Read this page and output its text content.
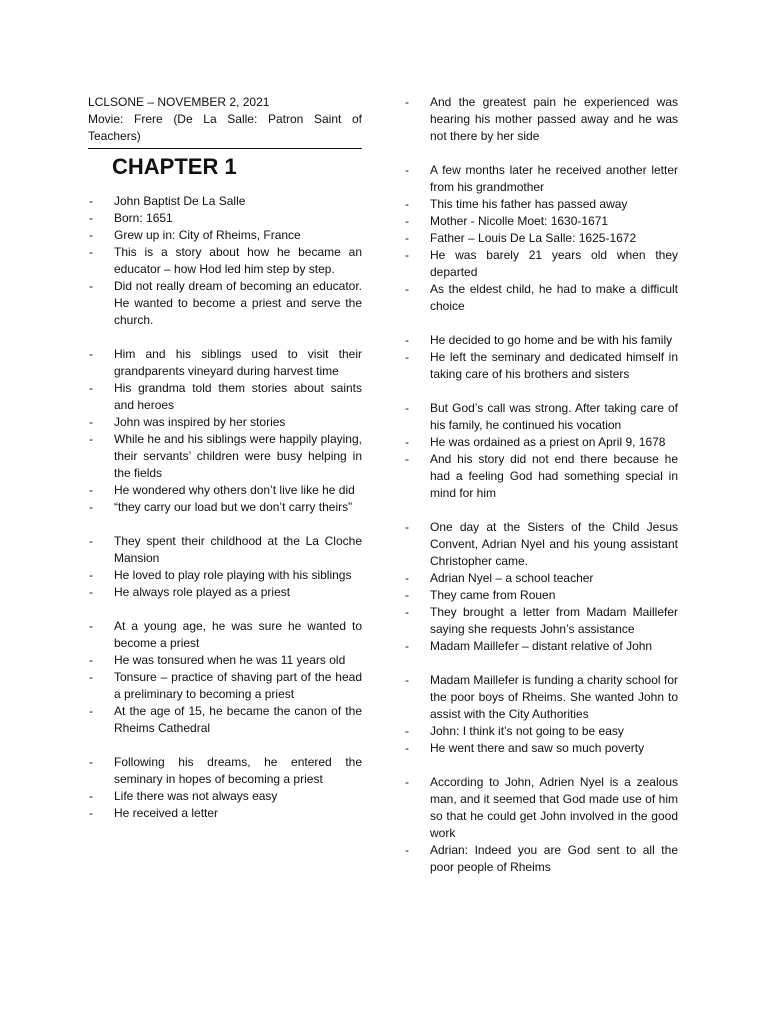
LCLSONE – NOVEMBER 2, 2021
Movie: Frere (De La Salle: Patron Saint of Teachers)
CHAPTER 1
- John Baptist De La Salle
- Born: 1651
- Grew up in: City of Rheims, France
- This is a story about how he became an educator – how Hod led him step by step.
- Did not really dream of becoming an educator. He wanted to become a priest and serve the church.
- Him and his siblings used to visit their grandparents vineyard during harvest time
- His grandma told them stories about saints and heroes
- John was inspired by her stories
- While he and his siblings were happily playing, their servants’ children were busy helping in the fields
- He wondered why others don’t live like he did
- “they carry our load but we don’t carry theirs”
- They spent their childhood at the La Cloche Mansion
- He loved to play role playing with his siblings
- He always role played as a priest
- At a young age, he was sure he wanted to become a priest
- He was tonsured when he was 11 years old
- Tonsure – practice of shaving part of the head a preliminary to becoming a priest
- At the age of 15, he became the canon of the Rheims Cathedral
- Following his dreams, he entered the seminary in hopes of becoming a priest
- Life there was not always easy
- He received a letter
- And the greatest pain he experienced was hearing his mother passed away and he was not there by her side
- A few months later he received another letter from his grandmother
- This time his father has passed away
- Mother - Nicolle Moet: 1630-1671
- Father – Louis De La Salle: 1625-1672
- He was barely 21 years old when they departed
- As the eldest child, he had to make a difficult choice
- He decided to go home and be with his family
- He left the seminary and dedicated himself in taking care of his brothers and sisters
- But God’s call was strong. After taking care of his family, he continued his vocation
- He was ordained as a priest on April 9, 1678
- And his story did not end there because he had a feeling God had something special in mind for him
- One day at the Sisters of the Child Jesus Convent, Adrian Nyel and his young assistant Christopher came.
- Adrian Nyel – a school teacher
- They came from Rouen
- They brought a letter from Madam Maillefer saying she requests John’s assistance
- Madam Maillefer – distant relative of John
- Madam Maillefer is funding a charity school for the poor boys of Rheims. She wanted John to assist with the City Authorities
- John: I think it’s not going to be easy
- He went there and saw so much poverty
- According to John, Adrien Nyel is a zealous man, and it seemed that God made use of him so that he could get John involved in the good work
- Adrian: Indeed you are God sent to all the poor people of Rheims
